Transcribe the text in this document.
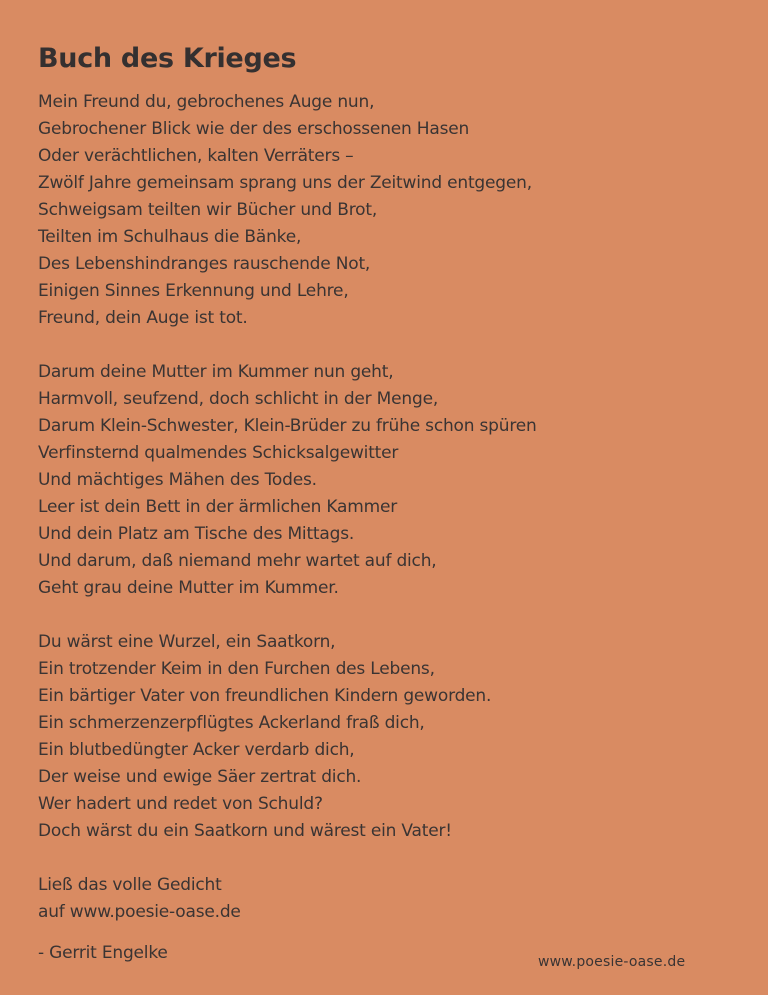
Buch des Krieges
Mein Freund du, gebrochenes Auge nun,
Gebrochener Blick wie der des erschossenen Hasen
Oder verächtlichen, kalten Verräters –
Zwölf Jahre gemeinsam sprang uns der Zeitwind entgegen,
Schweigsam teilten wir Bücher und Brot,
Teilten im Schulhaus die Bänke,
Des Lebenshindranges rauschende Not,
Einigen Sinnes Erkennung und Lehre,
Freund, dein Auge ist tot.
Darum deine Mutter im Kummer nun geht,
Harmvoll, seufzend, doch schlicht in der Menge,
Darum Klein-Schwester, Klein-Brüder zu frühe schon spüren
Verfinsternd qualmendes Schicksalgewitter
Und mächtiges Mähen des Todes.
Leer ist dein Bett in der ärmlichen Kammer
Und dein Platz am Tische des Mittags.
Und darum, daß niemand mehr wartet auf dich,
Geht grau deine Mutter im Kummer.
Du wärst eine Wurzel, ein Saatkorn,
Ein trotzender Keim in den Furchen des Lebens,
Ein bärtiger Vater von freundlichen Kindern geworden.
Ein schmerzenzerpflügtes Ackerland fraß dich,
Ein blutbedüngter Acker verdarb dich,
Der weise und ewige Säer zertrat dich.
Wer hadert und redet von Schuld?
Doch wärst du ein Saatkorn und wärest ein Vater!
Ließ das volle Gedicht
auf www.poesie-oase.de
- Gerrit Engelke	www.poesie-oase.de
